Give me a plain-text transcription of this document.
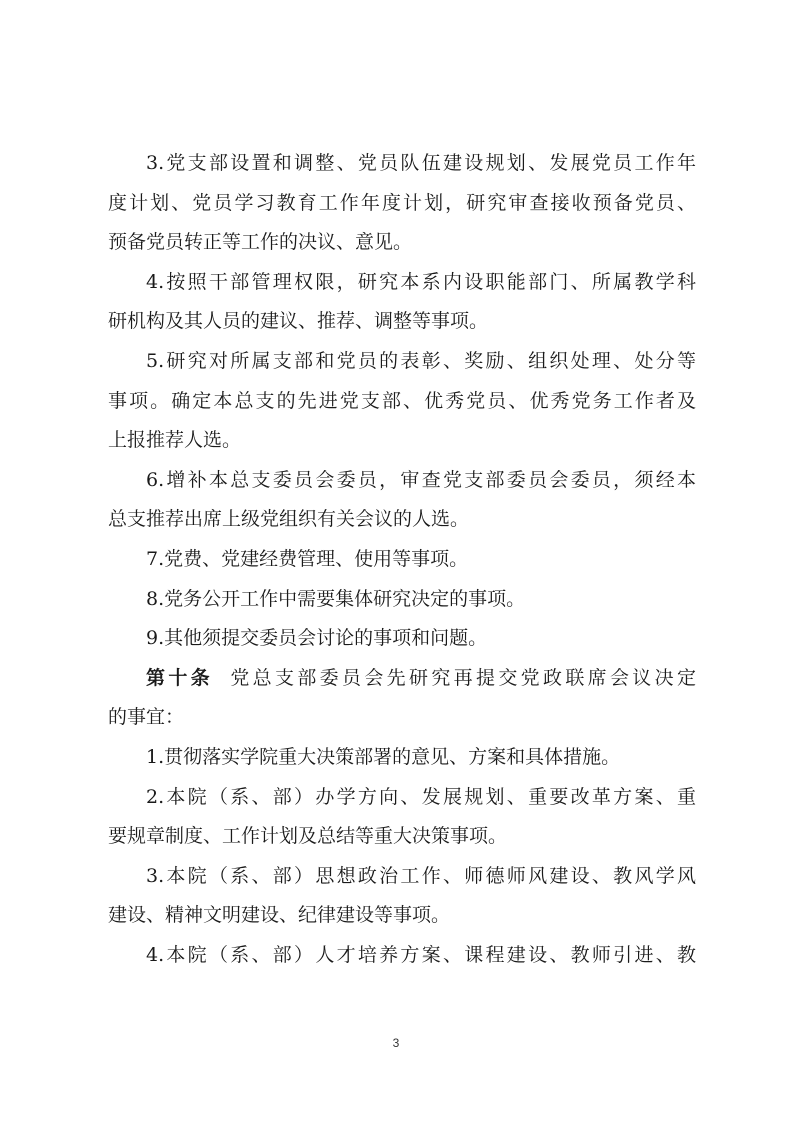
3.党支部设置和调整、党员队伍建设规划、发展党员工作年
度计划、党员学习教育工作年度计划，研究审查接收预备党员、
预备党员转正等工作的决议、意见。
4.按照干部管理权限，研究本系内设职能部门、所属教学科
研机构及其人员的建议、推荐、调整等事项。
5.研究对所属支部和党员的表彰、奖励、组织处理、处分等
事项。确定本总支的先进党支部、优秀党员、优秀党务工作者及
上报推荐人选。
6.增补本总支委员会委员，审查党支部委员会委员，须经本
总支推荐出席上级党组织有关会议的人选。
7.党费、党建经费管理、使用等事项。
8.党务公开工作中需要集体研究决定的事项。
9.其他须提交委员会讨论的事项和问题。
第十条 党总支部委员会先研究再提交党政联席会议决定
的事宜：
1.贯彻落实学院重大决策部署的意见、方案和具体措施。
2.本院（系、部）办学方向、发展规划、重要改革方案、重
要规章制度、工作计划及总结等重大决策事项。
3.本院（系、部）思想政治工作、师德师风建设、教风学风
建设、精神文明建设、纪律建设等事项。
4.本院（系、部）人才培养方案、课程建设、教师引进、教
3
